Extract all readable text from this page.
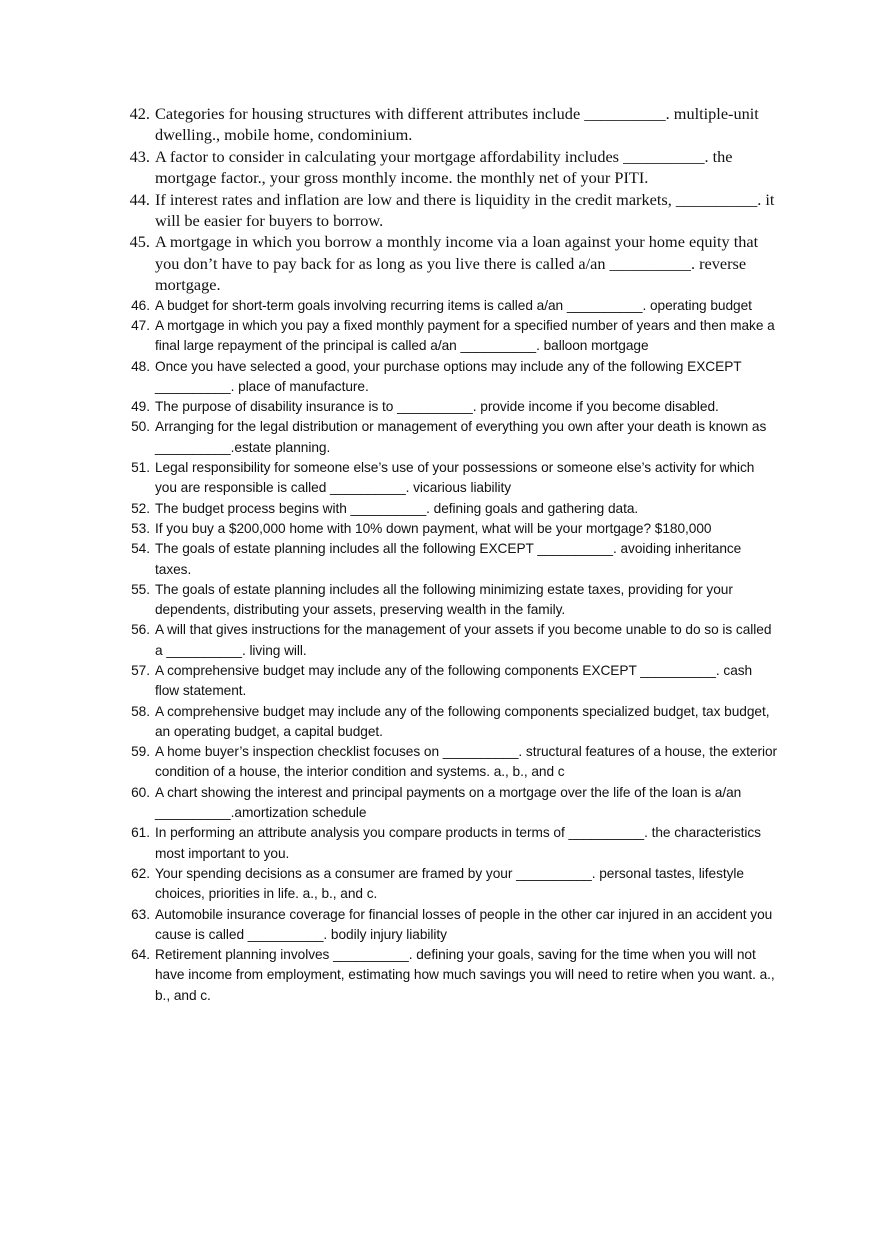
42. Categories for housing structures with different attributes include __________. multiple-unit dwelling., mobile home, condominium.
43. A factor to consider in calculating your mortgage affordability includes __________. the mortgage factor., your gross monthly income. the monthly net of your PITI.
44. If interest rates and inflation are low and there is liquidity in the credit markets, __________. it will be easier for buyers to borrow.
45. A mortgage in which you borrow a monthly income via a loan against your home equity that you don’t have to pay back for as long as you live there is called a/an __________. reverse mortgage.
46. A budget for short-term goals involving recurring items is called a/an __________. operating budget
47. A mortgage in which you pay a fixed monthly payment for a specified number of years and then make a final large repayment of the principal is called a/an __________. balloon mortgage
48. Once you have selected a good, your purchase options may include any of the following EXCEPT __________. place of manufacture.
49. The purpose of disability insurance is to __________. provide income if you become disabled.
50. Arranging for the legal distribution or management of everything you own after your death is known as __________.estate planning.
51. Legal responsibility for someone else’s use of your possessions or someone else’s activity for which you are responsible is called __________. vicarious liability
52. The budget process begins with __________. defining goals and gathering data.
53. If you buy a $200,000 home with 10% down payment, what will be your mortgage? $180,000
54. The goals of estate planning includes all the following EXCEPT __________. avoiding inheritance taxes.
55. The goals of estate planning includes all the following minimizing estate taxes, providing for your dependents, distributing your assets, preserving wealth in the family.
56. A will that gives instructions for the management of your assets if you become unable to do so is called a __________. living will.
57. A comprehensive budget may include any of the following components EXCEPT __________. cash flow statement.
58. A comprehensive budget may include any of the following components specialized budget, tax budget, an operating budget, a capital budget.
59. A home buyer’s inspection checklist focuses on __________. structural features of a house, the exterior condition of a house, the interior condition and systems. a., b., and c
60. A chart showing the interest and principal payments on a mortgage over the life of the loan is a/an __________.amortization schedule
61. In performing an attribute analysis you compare products in terms of __________. the characteristics most important to you.
62. Your spending decisions as a consumer are framed by your __________. personal tastes, lifestyle choices, priorities in life. a., b., and c.
63. Automobile insurance coverage for financial losses of people in the other car injured in an accident you cause is called __________. bodily injury liability
64. Retirement planning involves __________. defining your goals, saving for the time when you will not have income from employment, estimating how much savings you will need to retire when you want. a., b., and c.
